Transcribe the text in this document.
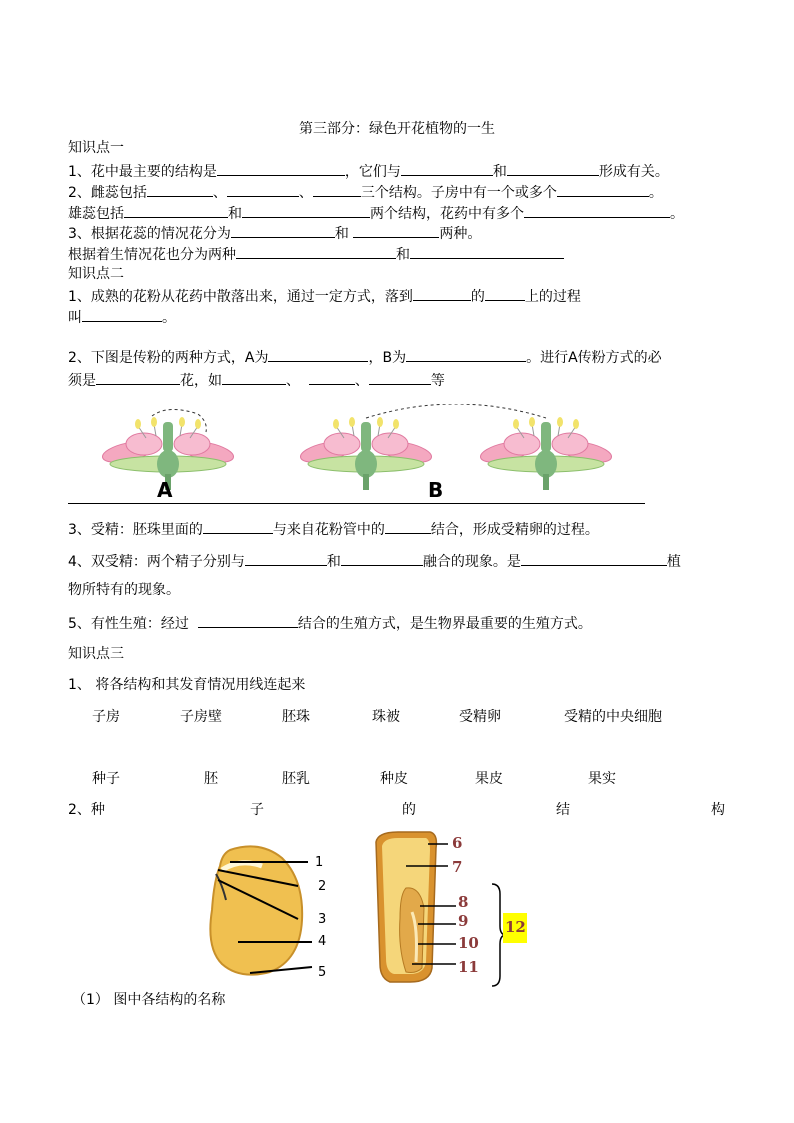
第三部分：绿色开花植物的一生
知识点一
1、花中最主要的结构是	，它们与	和	形成有关。
2、雌蕊包括	、	、	三个结构。子房中有一个或多个	。
雄蕊包括	和	两个结构，花药中有多个	。
3、根据花蕊的情况花分为	和	两种。
根据着生情况花也分为两种	和
知识点二
1、成熟的花粉从花药中散落出来，通过一定方式，落到	的	上的过程
叫	。
2、下图是传粉的两种方式，A为	，B为	。进行A传粉方式的必
须是	花，如	、	、	等
A	B
3、受精：胚珠里面的	与来自花粉管中的	结合，形成受精卵的过程。
4、双受精：两个精子分别与	和	融合的现象。是	植
物所特有的现象。
5、有性生殖：经过	结合的生殖方式，是生物界最重要的生殖方式。
知识点三
1、 将各结构和其发育情况用线连起来
子房	子房壁	胚珠	珠被	受精卵	受精的中央细胞
种子	胚	胚乳	种皮	果皮	果实
2、种	子	的	结	构
1
2
3
4
5
6
7
8
9
10
11
12
（1） 图中各结构的名称
